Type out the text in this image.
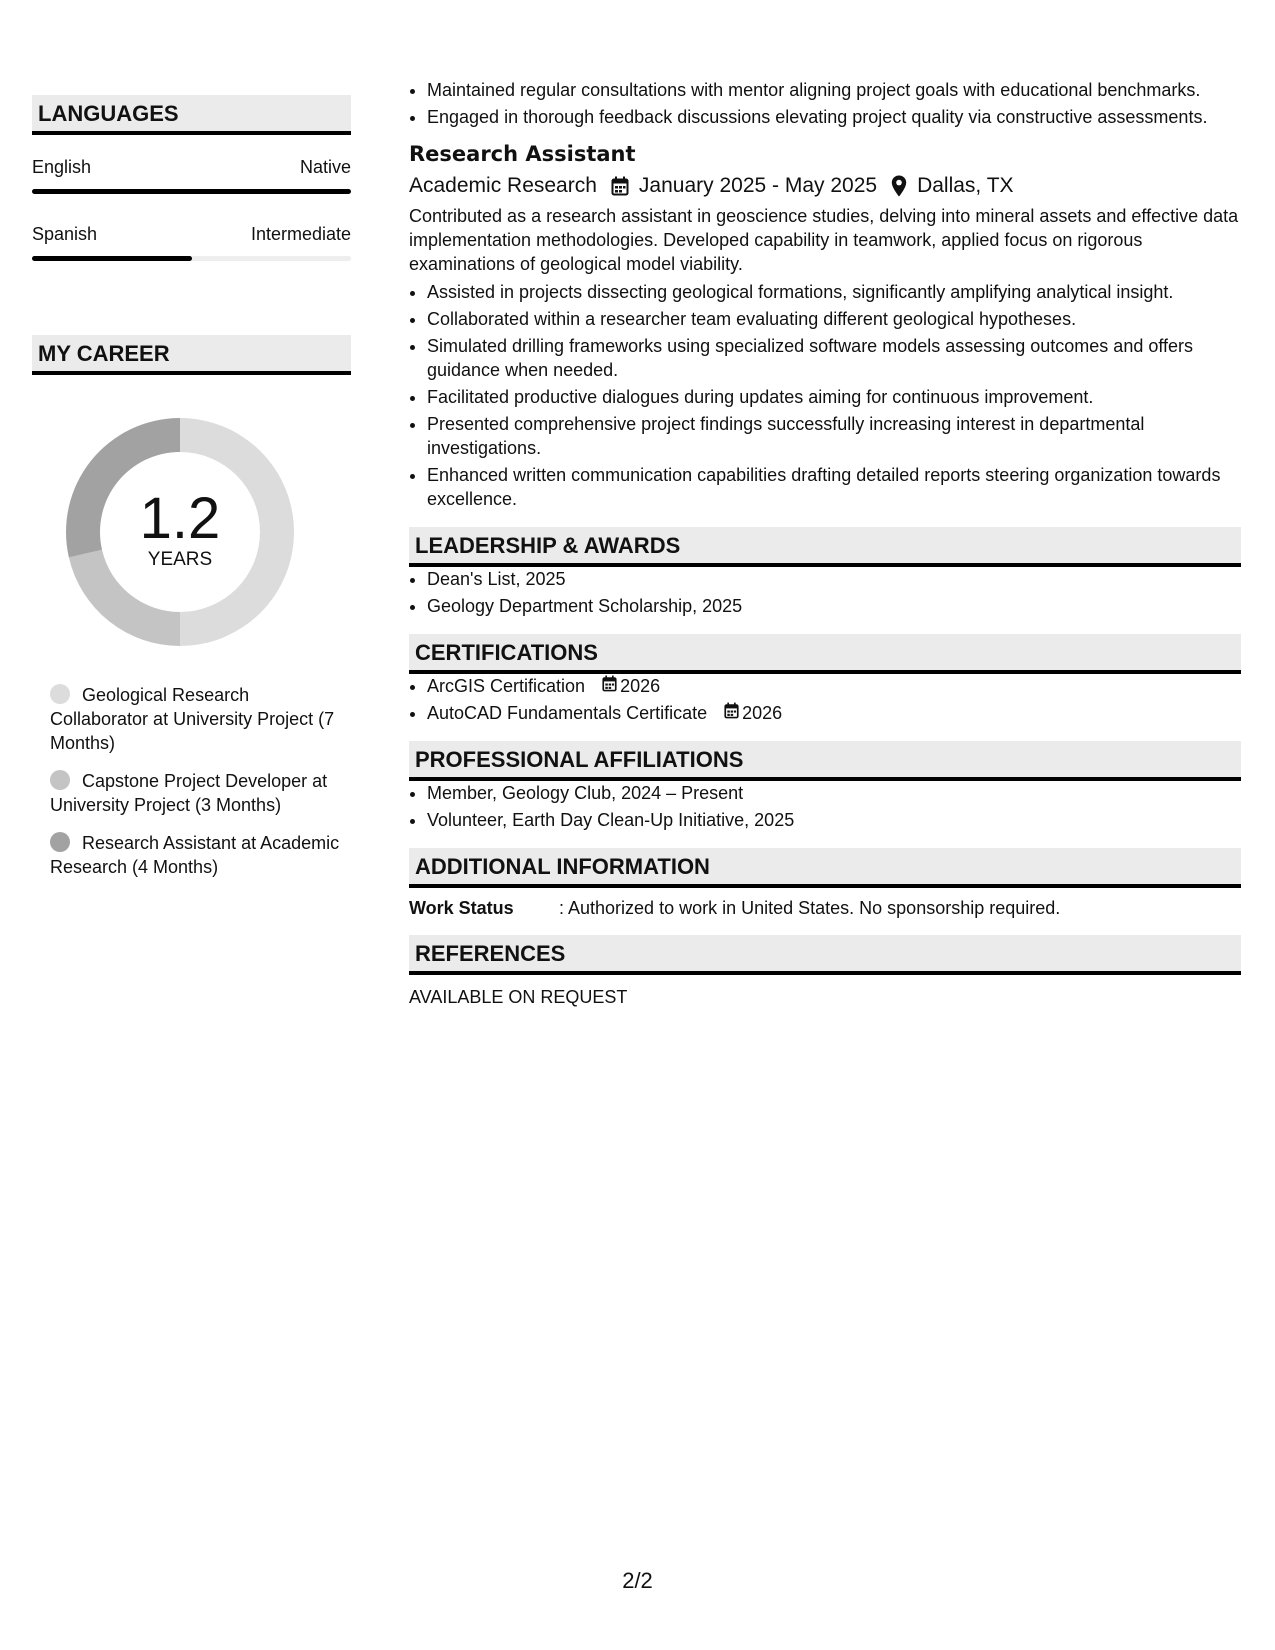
LANGUAGES
English	Native
Spanish	Intermediate
MY CAREER
1.2
YEARS
Geological Research Collaborator at University Project (7 Months)
Capstone Project Developer at University Project (3 Months)
Research Assistant at Academic Research (4 Months)
• Maintained regular consultations with mentor aligning project goals with educational benchmarks.
• Engaged in thorough feedback discussions elevating project quality via constructive assessments.
Research Assistant
Academic Research January 2025 - May 2025 Dallas, TX
Contributed as a research assistant in geoscience studies, delving into mineral assets and effective data implementation methodologies. Developed capability in teamwork, applied focus on rigorous examinations of geological model viability.
• Assisted in projects dissecting geological formations, significantly amplifying analytical insight.
• Collaborated within a researcher team evaluating different geological hypotheses.
• Simulated drilling frameworks using specialized software models assessing outcomes and offers guidance when needed.
• Facilitated productive dialogues during updates aiming for continuous improvement.
• Presented comprehensive project findings successfully increasing interest in departmental investigations.
• Enhanced written communication capabilities drafting detailed reports steering organization towards excellence.
LEADERSHIP & AWARDS
• Dean's List, 2025
• Geology Department Scholarship, 2025
CERTIFICATIONS
• ArcGIS Certification 2026
• AutoCAD Fundamentals Certificate 2026
PROFESSIONAL AFFILIATIONS
• Member, Geology Club, 2024 – Present
• Volunteer, Earth Day Clean-Up Initiative, 2025
ADDITIONAL INFORMATION
Work Status	: Authorized to work in United States. No sponsorship required.
REFERENCES
AVAILABLE ON REQUEST
2/2
